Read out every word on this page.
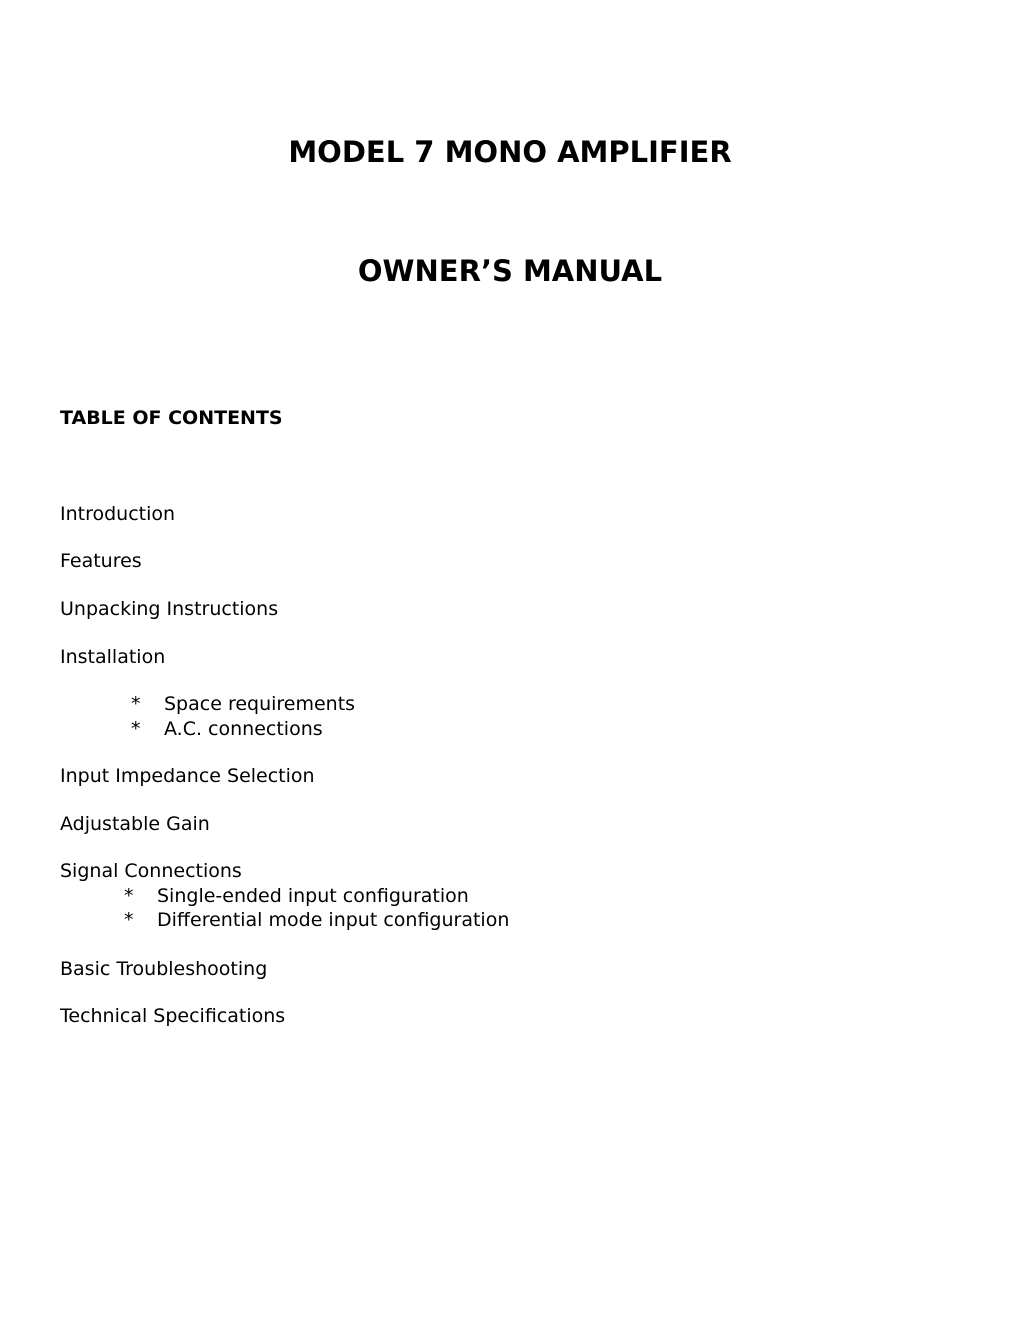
MODEL 7 MONO AMPLIFIER
OWNER’S MANUAL
TABLE OF CONTENTS
Introduction
Features
Unpacking Instructions
Installation
* Space requirements
* A.C. connections
Input Impedance Selection
Adjustable Gain
Signal Connections
* Single-ended input configuration
* Differential mode input configuration
Basic Troubleshooting
Technical Specifications
